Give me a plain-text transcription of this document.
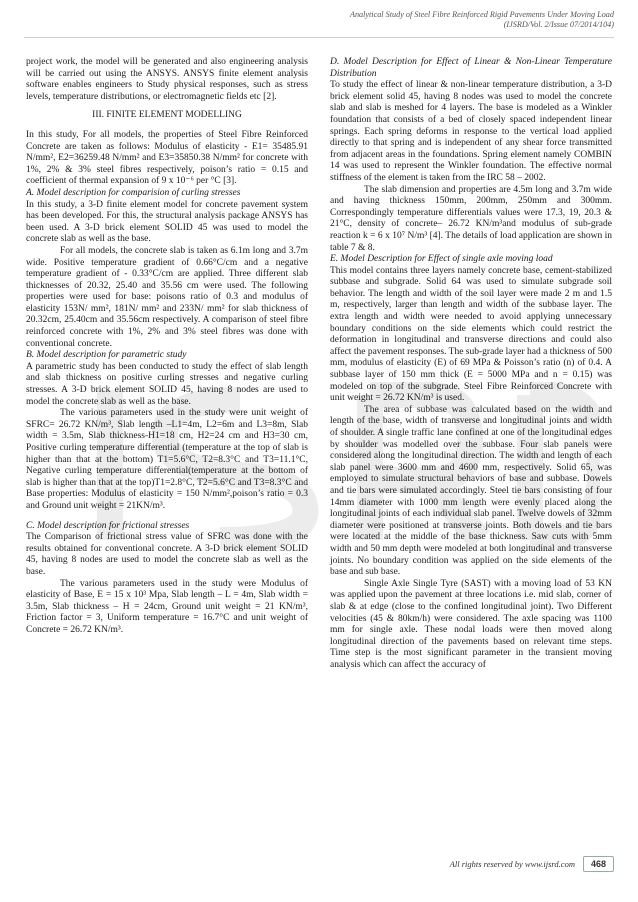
Analytical Study of Steel Fibre Reinforced Rigid Pavements Under Moving Load
(IJSRD/Vol. 2/Issue 07/2014/104)

project work, the model will be generated and also engineering analysis will be carried out using the ANSYS. ANSYS finite element analysis software enables engineers to Study physical responses, such as stress levels, temperature distributions, or electromagnetic fields etc [2].

III. FINITE ELEMENT MODELLING

In this study, For all models, the properties of Steel Fibre Reinforced Concrete are taken as follows: Modulus of elasticity - E1= 35485.91 N/mm², E2=36259.48 N/mm² and E3=35850.38 N/mm² for concrete with 1%, 2% & 3% steel fibres respectively, poison’s ratio = 0.15 and coefficient of thermal expansion of 9 x 10⁻⁶ per °C [3].

A. Model description for comparision of curling stresses

In this study, a 3-D finite element model for concrete pavement system has been developed. For this, the structural analysis package ANSYS has been used. A 3-D brick element SOLID 45 was used to model the concrete slab as well as the base.

For all models, the concrete slab is taken as 6.1m long and 3.7m wide. Positive temperature gradient of 0.66°C/cm and a negative temperature gradient of - 0.33°C/cm are applied. Three different slab thicknesses of 20.32, 25.40 and 35.56 cm were used. The following properties were used for base: poisons ratio of 0.3 and modulus of elasticity 153N/ mm², 181N/ mm² and 233N/ mm² for slab thickness of 20.32cm, 25.40cm and 35.56cm respectively. A comparison of steel fibre reinforced concrete with 1%, 2% and 3% steel fibres was done with conventional concrete.

B. Model description for parametric study

A parametric study has been conducted to study the effect of slab length and slab thickness on positive curling stresses and negative curling stresses. A 3-D brick element SOLID 45, having 8 nodes are used to model the concrete slab as well as the base.

The various parameters used in the study were unit weight of SFRC= 26.72 KN/m³, Slab length –L1=4m, L2=6m and L3=8m, Slab width = 3.5m, Slab thickness-H1=18 cm, H2=24 cm and H3=30 cm, Positive curling temperature differential (temperature at the top of slab is higher than that at the bottom) T1=5.6°C, T2=8.3°C and T3=11.1°C, Negative curling temperature differential(temperature at the bottom of slab is higher than that at the top)T1=2.8°C, T2=5.6°C and T3=8.3°C and Base properties: Modulus of elasticity = 150 N/mm²,poison’s ratio = 0.3 and Ground unit weight = 21KN/m³.

C. Model description for frictional stresses

The Comparison of frictional stress value of SFRC was done with the results obtained for conventional concrete. A 3-D brick element SOLID 45, having 8 nodes are used to model the concrete slab as well as the base.

The various parameters used in the study were Modulus of elasticity of Base, E = 15 x 10³ Mpa, Slab length – L = 4m, Slab width = 3.5m, Slab thickness – H = 24cm, Ground unit weight = 21 KN/m³, Friction factor = 3, Uniform temperature = 16.7°C and unit weight of Concrete = 26.72 KN/m³.

D. Model Description for Effect of Linear & Non-Linear Temperature Distribution

To study the effect of linear & non-linear temperature distribution, a 3-D brick element solid 45, having 8 nodes was used to model the concrete slab and slab is meshed for 4 layers. The base is modeled as a Winkler foundation that consists of a bed of closely spaced independent linear springs. Each spring deforms in response to the vertical load applied directly to that spring and is independent of any shear force transmitted from adjacent areas in the foundations. Spring element namely COMBIN 14 was used to represent the Winkler foundation. The effective normal stiffness of the element is taken from the IRC 58 – 2002.

The slab dimension and properties are 4.5m long and 3.7m wide and having thickness 150mm, 200mm, 250mm and 300mm. Correspondingly temperature differentials values were 17.3, 19, 20.3 & 21°C, density of concrete– 26.72 KN/m³and modulus of sub-grade reaction k = 6 x 10⁷ N/m³ [4]. The details of load application are shown in table 7 & 8.

E. Model Description for Effect of single axle moving load

This model contains three layers namely concrete base, cement-stabilized subbase and subgrade. Solid 64 was used to simulate subgrade soil behavior. The length and width of the soil layer were made 2 m and 1.5 m, respectively, larger than length and width of the subbase layer. The extra length and width were needed to avoid applying unnecessary boundary conditions on the side elements which could restrict the deformation in longitudinal and transverse directions and could also affect the pavement responses. The sub-grade layer had a thickness of 500 mm, modulus of elasticity (E) of 69 MPa & Poisson’s ratio (n) of 0.4. A subbase layer of 150 mm thick (E = 5000 MPa and n = 0.15) was modeled on top of the subgrade. Steel Fibre Reinforced Concrete with unit weight = 26.72 KN/m³ is used.

The area of subbase was calculated based on the width and length of the base, width of transverse and longitudinal joints and width of shoulder. A single traffic lane confined at one of the longitudinal edges by shoulder was modelled over the subbase. Four slab panels were considered along the longitudinal direction. The width and length of each slab panel were 3600 mm and 4600 mm, respectively. Solid 65, was employed to simulate structural behaviors of base and subbase. Dowels and tie bars were simulated accordingly. Steel tie bars consisting of four 14mm diameter with 1000 mm length were evenly placed along the longitudinal joints of each individual slab panel. Twelve dowels of 32mm diameter were positioned at transverse joints. Both dowels and tie bars were located at the middle of the base thickness. Saw cuts with 5mm width and 50 mm depth were modeled at both longitudinal and transverse joints. No boundary condition was applied on the side elements of the base and sub base.

Single Axle Single Tyre (SAST) with a moving load of 53 KN was applied upon the pavement at three locations i.e. mid slab, corner of slab & at edge (close to the confined longitudinal joint). Two Different velocities (45 & 80km/h) were considered. The axle spacing was 1100 mm for single axle. These nodal loads were then moved along longitudinal direction of the pavements based on relevant time steps. Time step is the most significant parameter in the transient moving analysis which can affect the accuracy of

All rights reserved by www.ijsrd.com	468
